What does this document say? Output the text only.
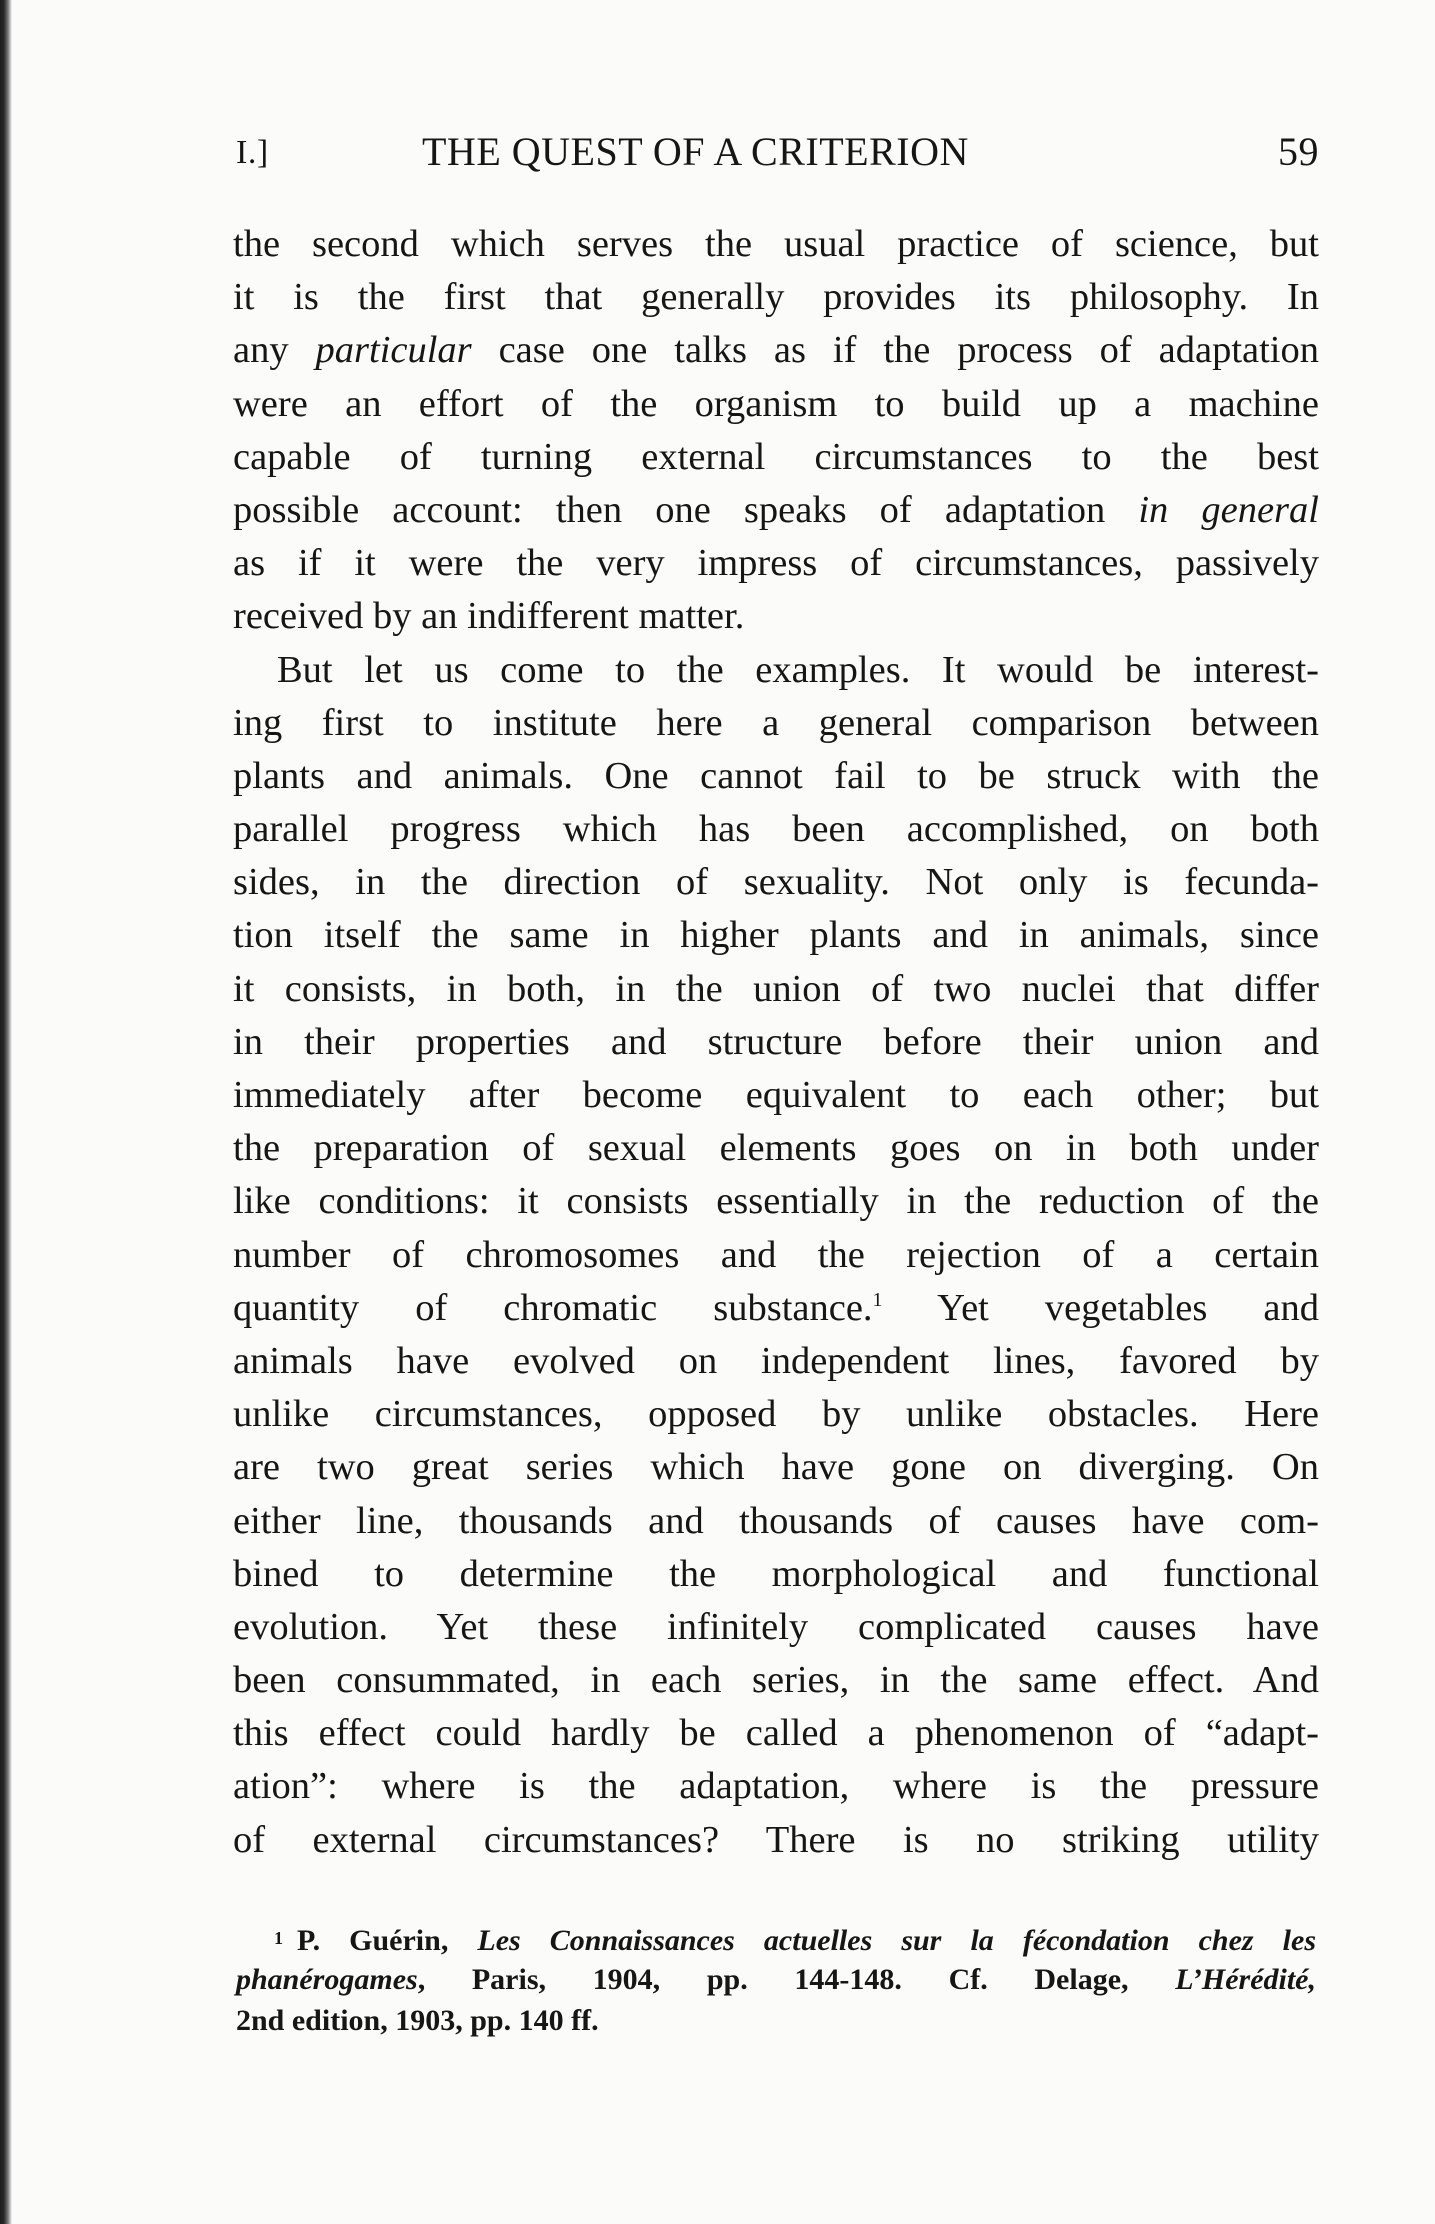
I.]	THE QUEST OF A CRITERION	59
the second which serves the usual practice of science, but
it is the first that generally provides its philosophy. In
any particular case one talks as if the process of adaptation
were an effort of the organism to build up a machine
capable of turning external circumstances to the best
possible account: then one speaks of adaptation in general
as if it were the very impress of circumstances, passively
received by an indifferent matter.
But let us come to the examples. It would be interest-
ing first to institute here a general comparison between
plants and animals. One cannot fail to be struck with the
parallel progress which has been accomplished, on both
sides, in the direction of sexuality. Not only is fecunda-
tion itself the same in higher plants and in animals, since
it consists, in both, in the union of two nuclei that differ
in their properties and structure before their union and
immediately after become equivalent to each other; but
the preparation of sexual elements goes on in both under
like conditions: it consists essentially in the reduction of the
number of chromosomes and the rejection of a certain
quantity of chromatic substance.$^1$ Yet vegetables and
animals have evolved on independent lines, favored by
unlike circumstances, opposed by unlike obstacles. Here
are two great series which have gone on diverging. On
either line, thousands and thousands of causes have com-
bined to determine the morphological and functional
evolution. Yet these infinitely complicated causes have
been consummated, in each series, in the same effect. And
this effect could hardly be called a phenomenon of “adapt-
ation”: where is the adaptation, where is the pressure
of external circumstances? There is no striking utility
$^1$ P. Guérin, Les Connaissances actuelles sur la fécondation chez les
phanérogames, Paris, 1904, pp. 144-148. Cf. Delage, L’Hérédité,
2nd edition, 1903, pp. 140 ff.
